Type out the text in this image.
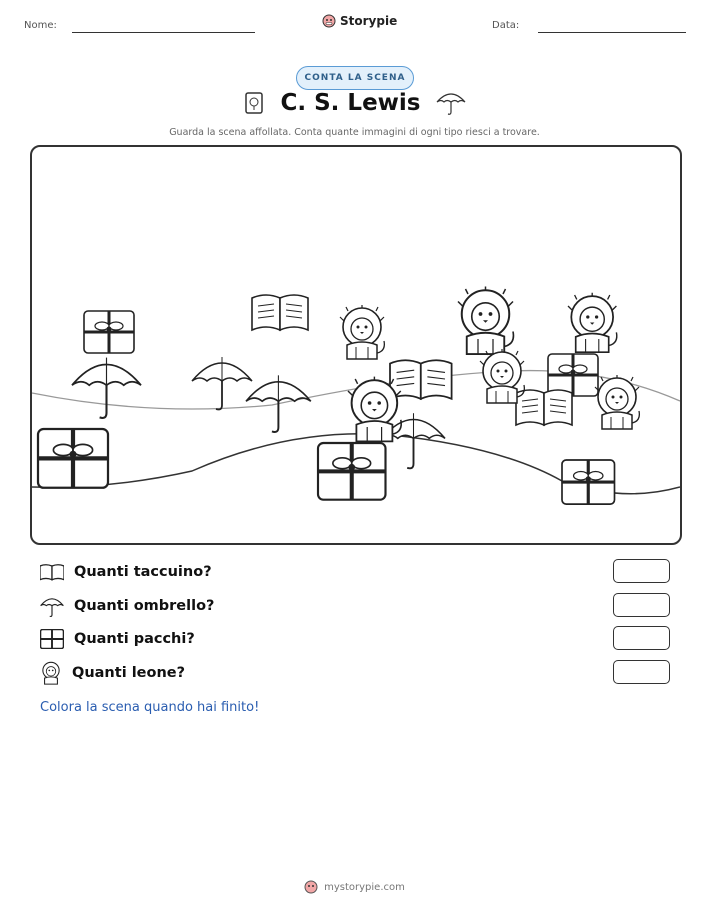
Nome:	Storypie	Data:
CONTA LA SCENA
C. S. Lewis
Guarda la scena affollata. Conta quante immagini di ogni tipo riesci a trovare.
Quanti taccuino?
Quanti ombrello?
Quanti pacchi?
Quanti leone?
Colora la scena quando hai finito!
mystorypie.com
